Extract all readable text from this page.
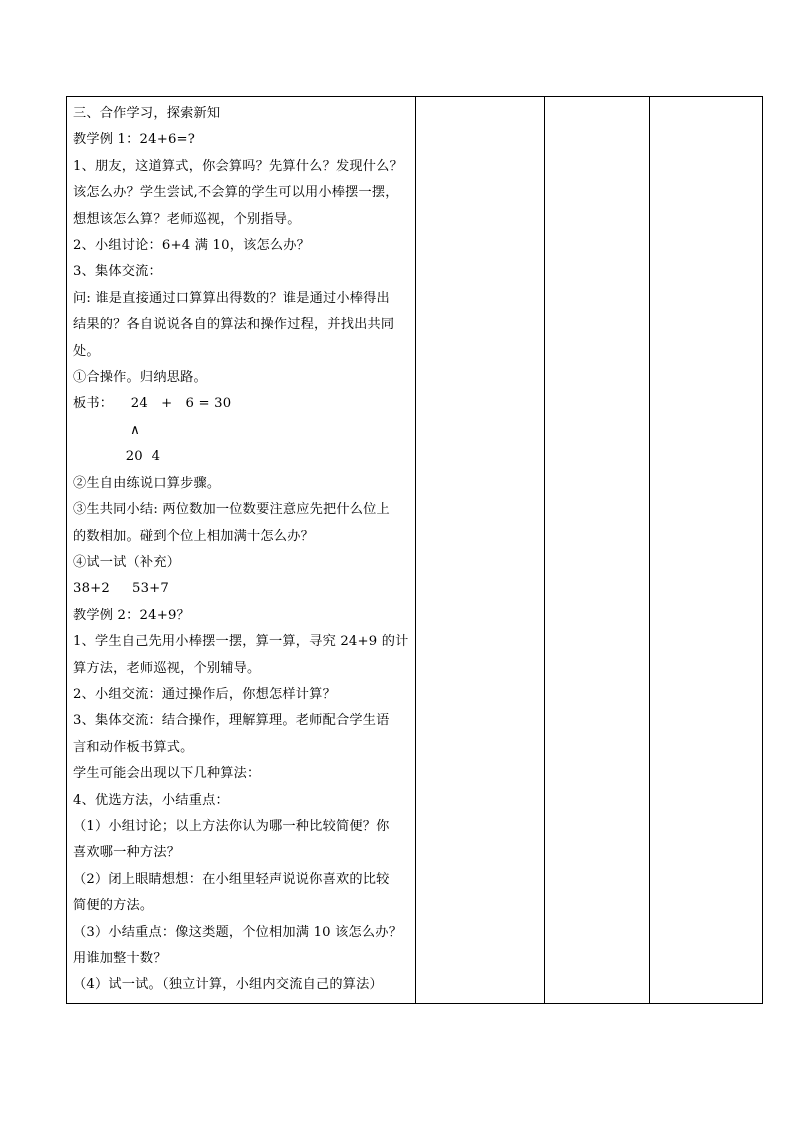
三、合作学习，探索新知
教学例 1：24+6=?
1、朋友，这道算式，你会算吗？先算什么？发现什么？
该怎么办？学生尝试,不会算的学生可以用小棒摆一摆，
想想该怎么算？老师巡视，个别指导。
2、小组讨论：6+4 满 10，该怎么办？
3、集体交流：
问: 谁是直接通过口算算出得数的？谁是通过小棒得出
结果的？各自说说各自的算法和操作过程，并找出共同
处。
①合操作。归纳思路。
板书：    24   +   6 = 30
∧
20  4
②生自由练说口算步骤。
③生共同小结: 两位数加一位数要注意应先把什么位上
的数相加。碰到个位上相加满十怎么办？
④试一试（补充）
38+2     53+7
教学例 2：24+9？
1、学生自己先用小棒摆一摆，算一算，寻究 24+9 的计
算方法，老师巡视，个别辅导。
2、小组交流：通过操作后，你想怎样计算？
3、集体交流：结合操作，理解算理。老师配合学生语
言和动作板书算式。
学生可能会出现以下几种算法：
4、优选方法，小结重点：
（1）小组讨论；以上方法你认为哪一种比较简便？你
喜欢哪一种方法？
（2）闭上眼睛想想：在小组里轻声说说你喜欢的比较
简便的方法。
（3）小结重点：像这类题，个位相加满 10 该怎么办？
用谁加整十数？
（4）试一试。（独立计算，小组内交流自己的算法）
